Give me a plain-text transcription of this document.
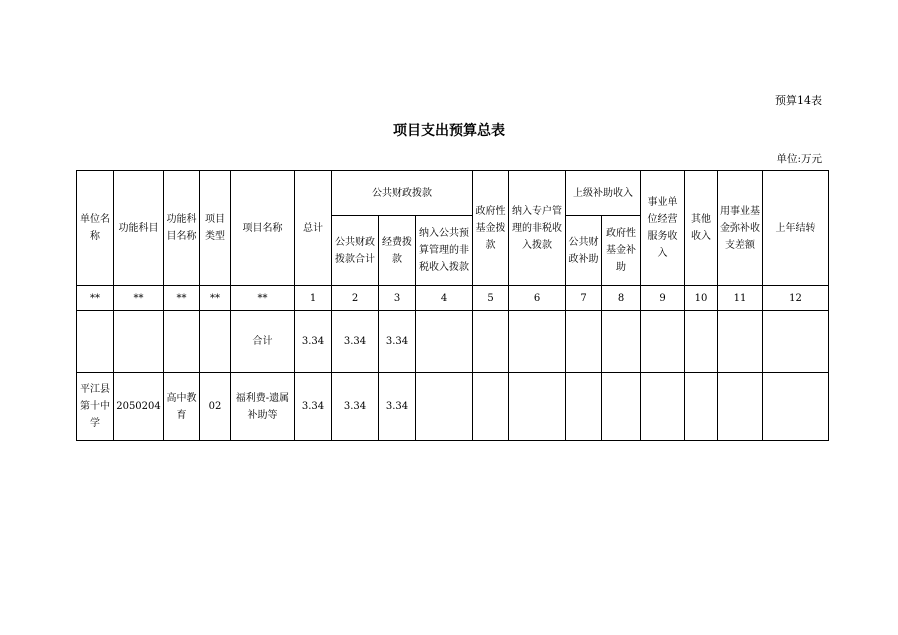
预算14表
项目支出预算总表
单位:万元
单位名称	功能科目	功能科目名称	项目类型	项目名称	总计	公共财政拨款			政府性基金拨款	纳入专户管理的非税收入拨款	上级补助收入		事业单位经营服务收入	其他收入	用事业基金弥补收支差额	上年结转
						公共财政拨款合计	经费拨款	纳入公共预算管理的非税收入拨款			公共财政补助	政府性基金补助				
**	**	**	**	**	1	2	3	4	5	6	7	8	9	10	11	12
				合计	3.34	3.34	3.34									
平江县第十中学	2050204	高中教育	02	福利费-遗属补助等	3.34	3.34	3.34									
